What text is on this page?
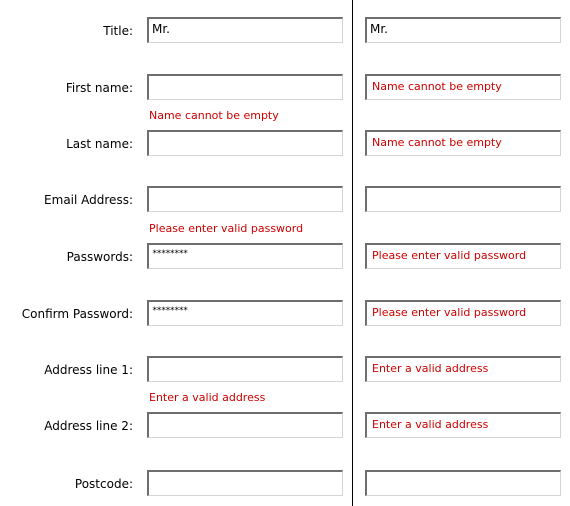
Title:
First name:
Last name:
Email Address:
Passwords:
Confirm Password:
Address line 1:
Address line 2:
Postcode:
Mr.
Name cannot be empty
Please enter valid password
********
********
Enter a valid address
Mr.
Name cannot be empty
Name cannot be empty
Please enter valid password
Please enter valid password
Enter a valid address
Enter a valid address
